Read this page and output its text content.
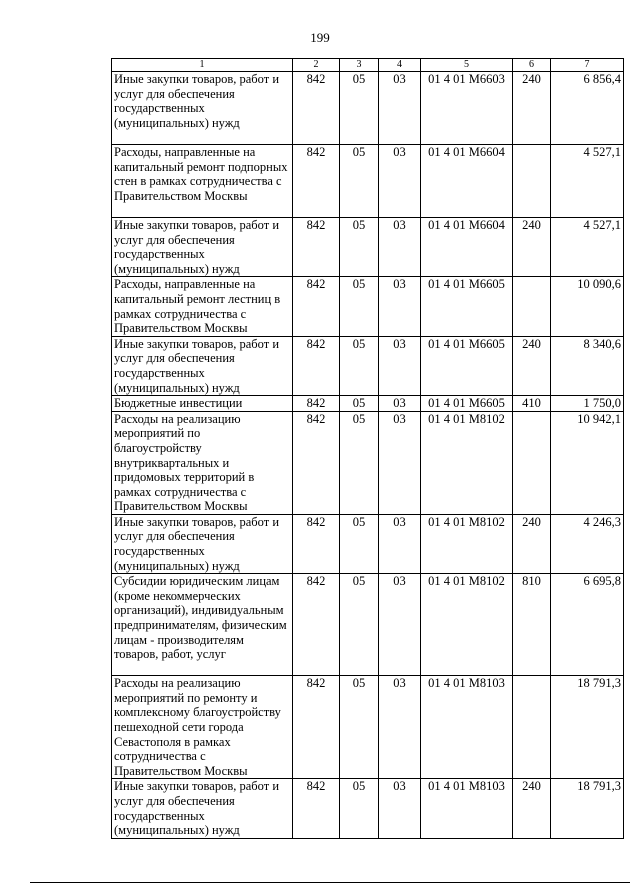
199
1	2	3	4	5	6	7
Иные закупки товаров, работ и услуг для обеспечения государственных (муниципальных) нужд	842	05	03	01 4 01 М6603	240	6 856,4
Расходы, направленные на капитальный ремонт подпорных стен в рамках сотрудничества с Правительством Москвы	842	05	03	01 4 01 М6604		4 527,1
Иные закупки товаров, работ и услуг для обеспечения государственных (муниципальных) нужд	842	05	03	01 4 01 М6604	240	4 527,1
Расходы, направленные на капитальный ремонт лестниц в рамках сотрудничества с Правительством Москвы	842	05	03	01 4 01 М6605		10 090,6
Иные закупки товаров, работ и услуг для обеспечения государственных (муниципальных) нужд	842	05	03	01 4 01 М6605	240	8 340,6
Бюджетные инвестиции	842	05	03	01 4 01 М6605	410	1 750,0
Расходы на реализацию мероприятий по благоустройству внутриквартальных и придомовых территорий в рамках сотрудничества с Правительством Москвы	842	05	03	01 4 01 М8102		10 942,1
Иные закупки товаров, работ и услуг для обеспечения государственных (муниципальных) нужд	842	05	03	01 4 01 М8102	240	4 246,3
Субсидии юридическим лицам (кроме некоммерческих организаций), индивидуальным предпринимателям, физическим лицам - производителям товаров, работ, услуг	842	05	03	01 4 01 М8102	810	6 695,8
Расходы на реализацию мероприятий по ремонту и комплексному благоустройству пешеходной сети города Севастополя в рамках сотрудничества с Правительством Москвы	842	05	03	01 4 01 М8103		18 791,3
Иные закупки товаров, работ и услуг для обеспечения государственных (муниципальных) нужд	842	05	03	01 4 01 М8103	240	18 791,3
